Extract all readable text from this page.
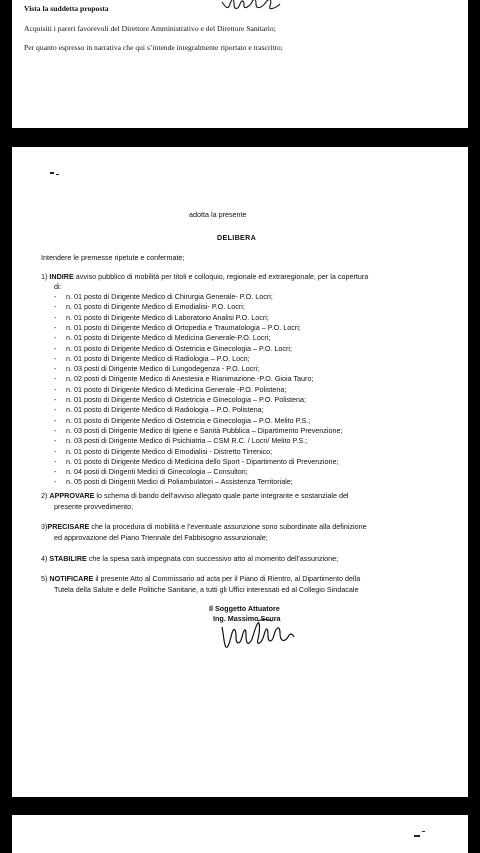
Vista la suddetta proposta
Acquisiti i pareri favorevoli del Direttore Amministrativo e del Direttore Sanitario;
Per quanto espresso in narrativa che qui s’intende integralmente riportato e trascritto;
adotta la presente
DELIBERA
Intendere le premesse ripetute e confermate;
1) INDIRE avviso pubblico di mobilità per titoli e colloquio, regionale ed extraregionale, per la copertura
di:
- n. 01 posto di Dirigente Medico di Chirurgia Generale- P.O. Locri;
- n. 01 posto di Dirigente Medico di Emodialisi- P.O. Locri;
- n. 01 posto di Dirigente Medico di Laboratorio Analisi P.O. Locri;
- n. 01 posto di Dirigente Medico di Ortopedia e Traumatologia – P.O. Locri;
- n. 01 posto di Dirigente Medico di Medicina Generale-P.O. Locri;
- n. 01 posto di Dirigente Medico di Ostetricia e Ginecologia – P.O. Locri;
- n. 01 posto di Dirigente Medico di Radiologia – P.O. Locri;
- n. 03 posti di Dirigente Medico di Lungodegenza - P.O. Locri;
- n. 02 posti di Dirigente Medico di Anestesia e Rianimazione -P.O. Gioia Tauro;
- n. 01 posto di Dirigente Medico di Medicina Generale -P.O. Polistena;
- n. 01 posto di Dirigente Medico di Ostetricia e Ginecologia – P.O. Polistena;
- n. 01 posto di Dirigente Medico di Radiologia – P.O. Polistena;
- n. 01 posto di Dirigente Medico di Ostetricia e Ginecologia – P.O. Melito P.S.;
- n. 03 posti di Dirigente Medico di Igiene e Sanità Pubblica – Dipartimento Prevenzione;
- n. 03 posti di Dirigente Medico di Psichiatria – CSM R.C. / Locri/ Melito P.S.;
- n. 01 posto di Dirigente Medico di Emodialisi - Distretto Tirrenico;
- n. 01 posto di Dirigente Medico di Medicina dello Sport - Dipartimento di Prevenzione;
- n. 04 posti di Dirigenti Medici di Ginecologia – Consultori;
- n. 05 posti di Dirigenti Medici di Poliambulatori – Assistenza Territoriale;
2) APPROVARE lo schema di bando dell’avviso allegato quale parte integrante e sostanziale del
presente provvedimento;
3)PRECISARE che la procedura di mobilità e l’eventuale assunzione sono subordinate alla definizione
ed approvazione del Piano Triennale del Fabbisogno assunzionale;
4) STABILIRE che la spesa sarà impegnata con successivo atto al momento dell’assunzione;
5) NOTIFICARE il presente Atto al Commissario ad acta per il Piano di Rientro, al Dipartimento della
Tutela della Salute e delle Politiche Sanitarie, a tutti gli Uffici interessati ed al Collegio Sindacale
Il Soggetto Attuatore
Ing. Massimo Scura
